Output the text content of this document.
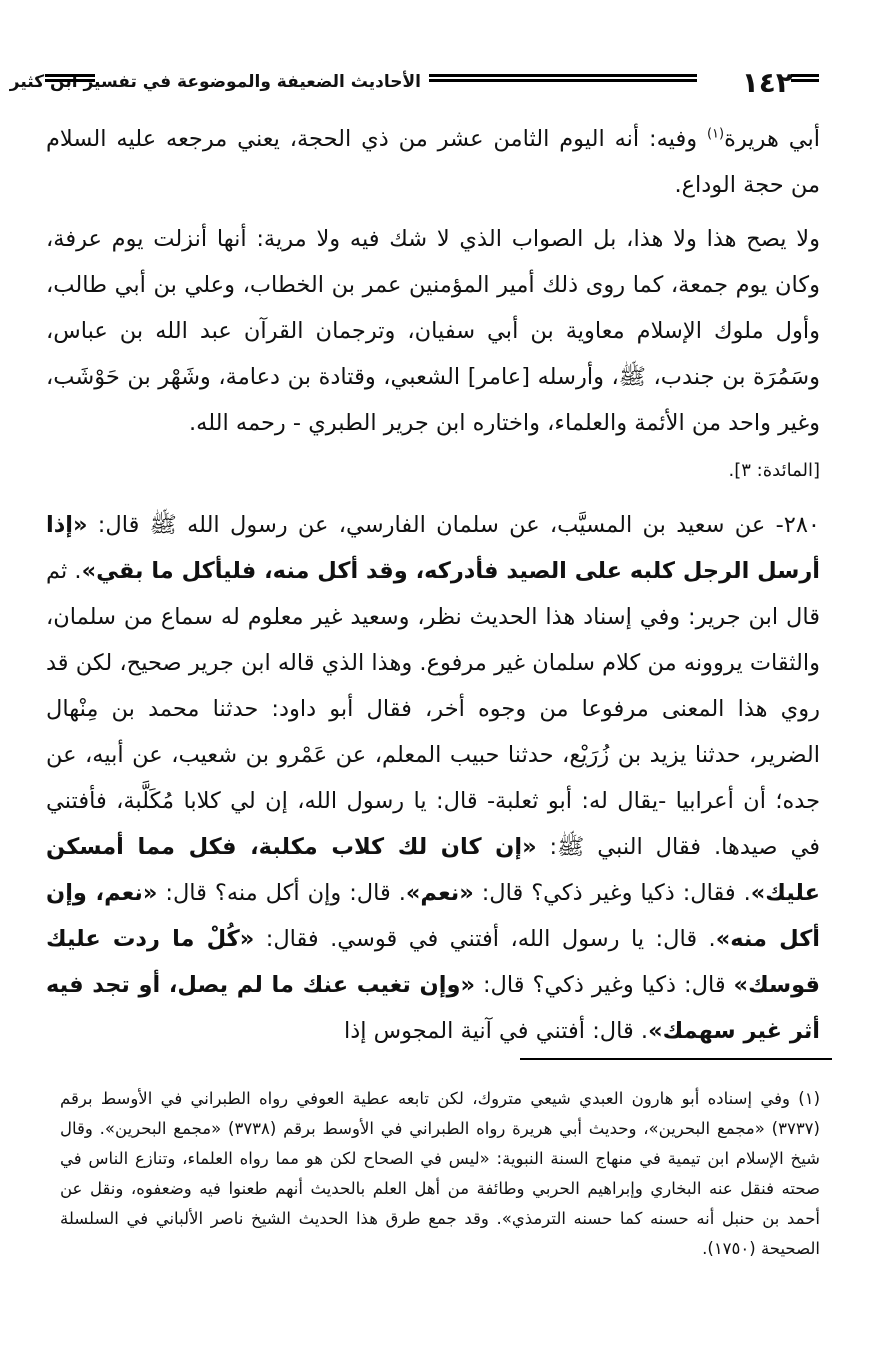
١٤٢
الأحاديث الضعيفة والموضوعة في تفسير ابن كثير

أبي هريرة$^{(١)}$ وفيه: أنه اليوم الثامن عشر من ذي الحجة، يعني مرجعه عليه السلام من حجة الوداع.

ولا يصح هذا ولا هذا، بل الصواب الذي لا شك فيه ولا مرية: أنها أنزلت يوم عرفة، وكان يوم جمعة، كما روى ذلك أمير المؤمنين عمر بن الخطاب، وعلي بن أبي طالب، وأول ملوك الإسلام معاوية بن أبي سفيان، وترجمان القرآن عبد الله بن عباس، وسَمُرَة بن جندب، ﷺ، وأرسله [عامر] الشعبي، وقتادة بن دعامة، وشَهْر بن حَوْشَب، وغير واحد من الأئمة والعلماء، واختاره ابن جرير الطبري - رحمه الله.
[المائدة: ٣].

٢٨٠- عن سعيد بن المسيَّب، عن سلمان الفارسي، عن رسول الله ﷺ قال: «إذا أرسل الرجل كلبه على الصيد فأدركه، وقد أكل منه، فليأكل ما بقي». ثم قال ابن جرير: وفي إسناد هذا الحديث نظر، وسعيد غير معلوم له سماع من سلمان، والثقات يروونه من كلام سلمان غير مرفوع. وهذا الذي قاله ابن جرير صحيح، لكن قد روي هذا المعنى مرفوعا من وجوه أخر، فقال أبو داود: حدثنا محمد بن مِنْهال الضرير، حدثنا يزيد بن زُرَيْع، حدثنا حبيب المعلم، عن عَمْرو بن شعيب، عن أبيه، عن جده؛ أن أعرابيا -يقال له: أبو ثعلبة- قال: يا رسول الله، إن لي كلابا مُكَلَّبة، فأفتني في صيدها. فقال النبي ﷺ: «إن كان لك كلاب مكلبة، فكل مما أمسكن عليك». فقال: ذكيا وغير ذكي؟ قال: «نعم». قال: وإن أكل منه؟ قال: «نعم، وإن أكل منه». قال: يا رسول الله، أفتني في قوسي. فقال: «كُلْ ما ردت عليك قوسك» قال: ذكيا وغير ذكي؟ قال: «وإن تغيب عنك ما لم يصل، أو تجد فيه أثر غير سهمك». قال: أفتني في آنية المجوس إذا

(١) وفي إسناده أبو هارون العبدي شيعي متروك، لكن تابعه عطية العوفي رواه الطبراني في الأوسط برقم (٣٧٣٧) «مجمع البحرين»، وحديث أبي هريرة رواه الطبراني في الأوسط برقم (٣٧٣٨) «مجمع البحرين». وقال شيخ الإسلام ابن تيمية في منهاج السنة النبوية: «ليس في الصحاح لكن هو مما رواه العلماء، وتنازع الناس في صحته فنقل عنه البخاري وإبراهيم الحربي وطائفة من أهل العلم بالحديث أنهم طعنوا فيه وضعفوه، ونقل عن أحمد بن حنبل أنه حسنه كما حسنه الترمذي». وقد جمع طرق هذا الحديث الشيخ ناصر الألباني في السلسلة الصحيحة (١٧٥٠).
